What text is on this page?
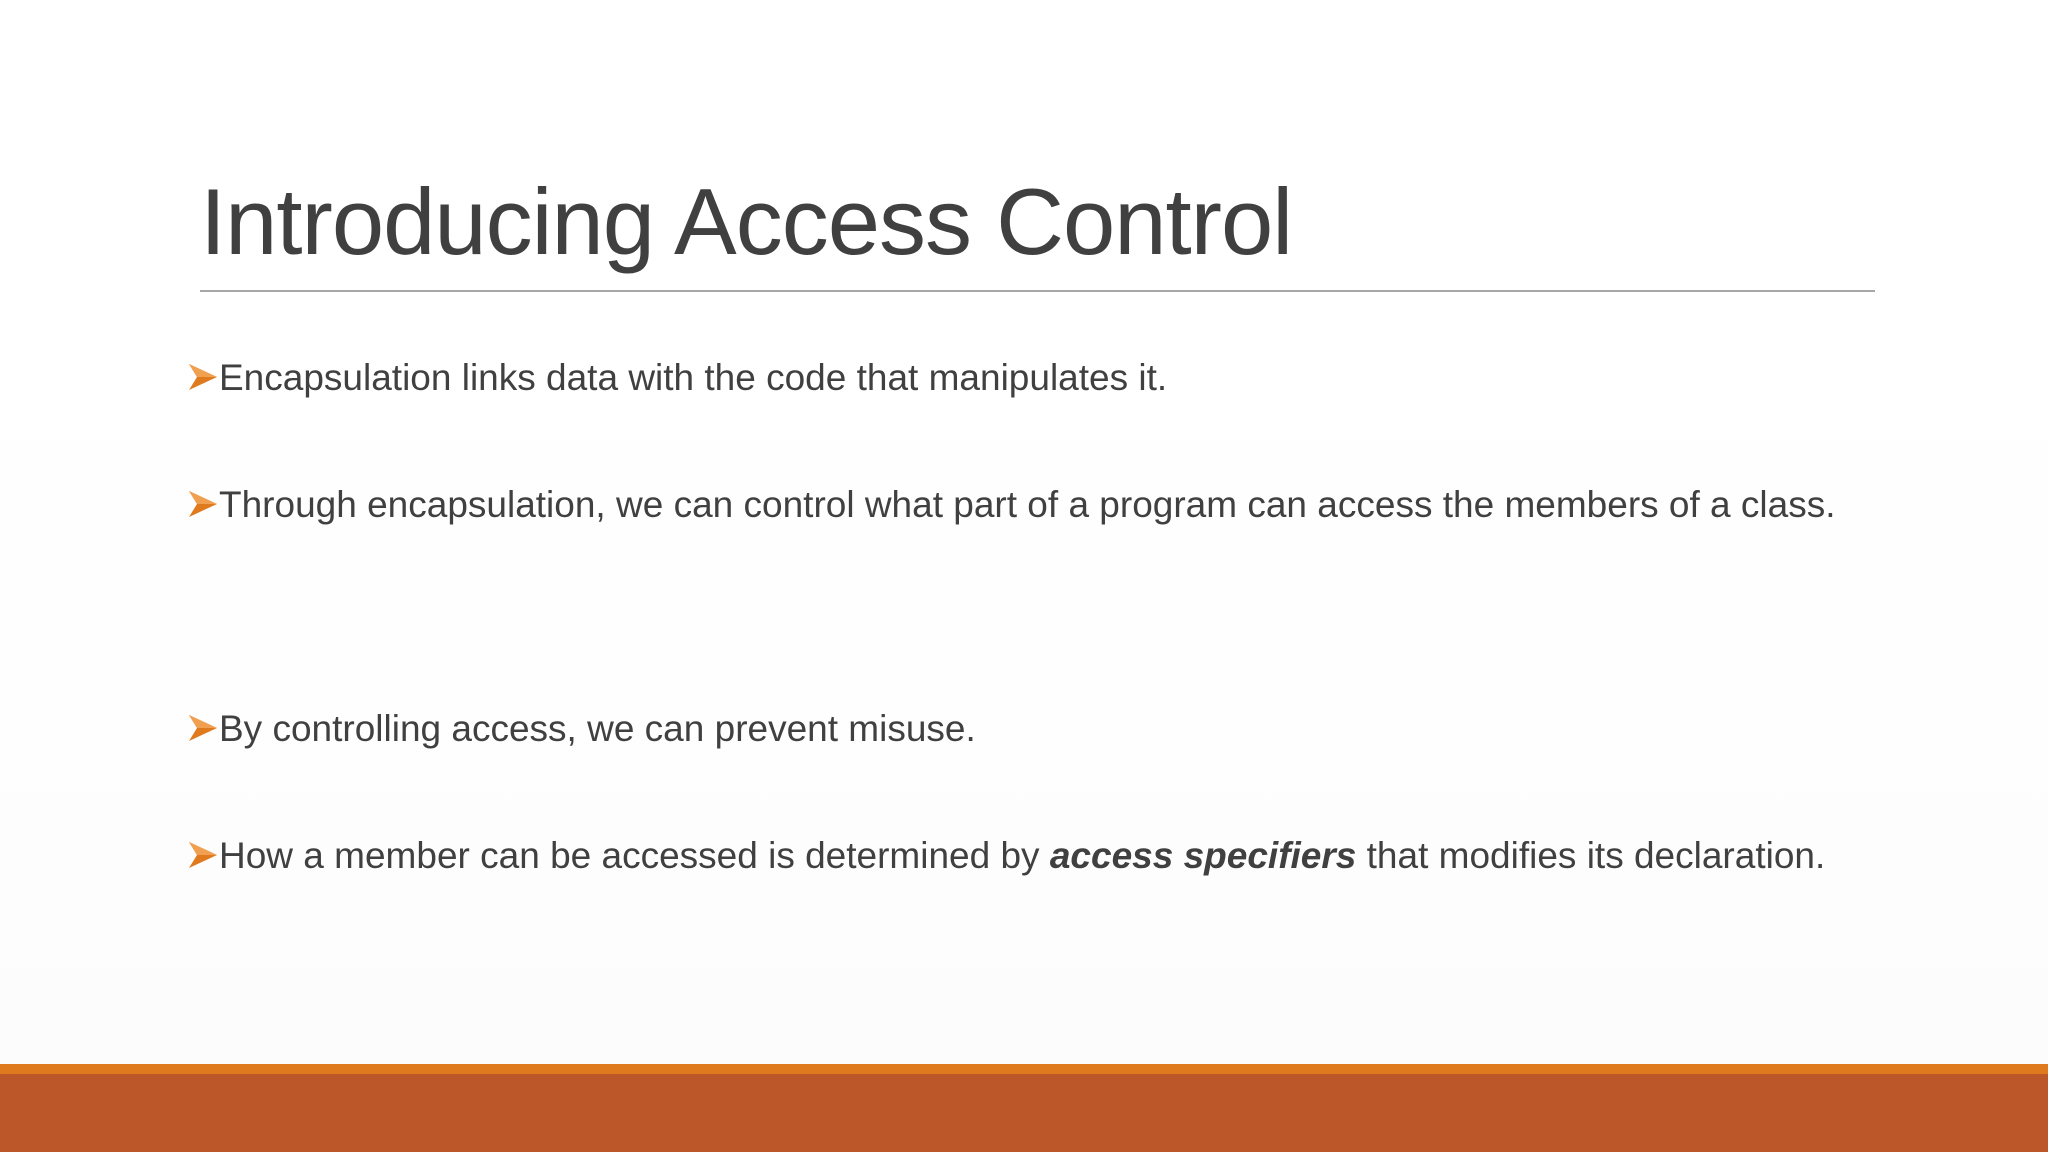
Introducing Access Control
Encapsulation links data with the code that manipulates it.
Through encapsulation, we can control what part of a program can access the members of a class.
By controlling access, we can prevent misuse.
How a member can be accessed is determined by access specifiers that modifies its declaration.
